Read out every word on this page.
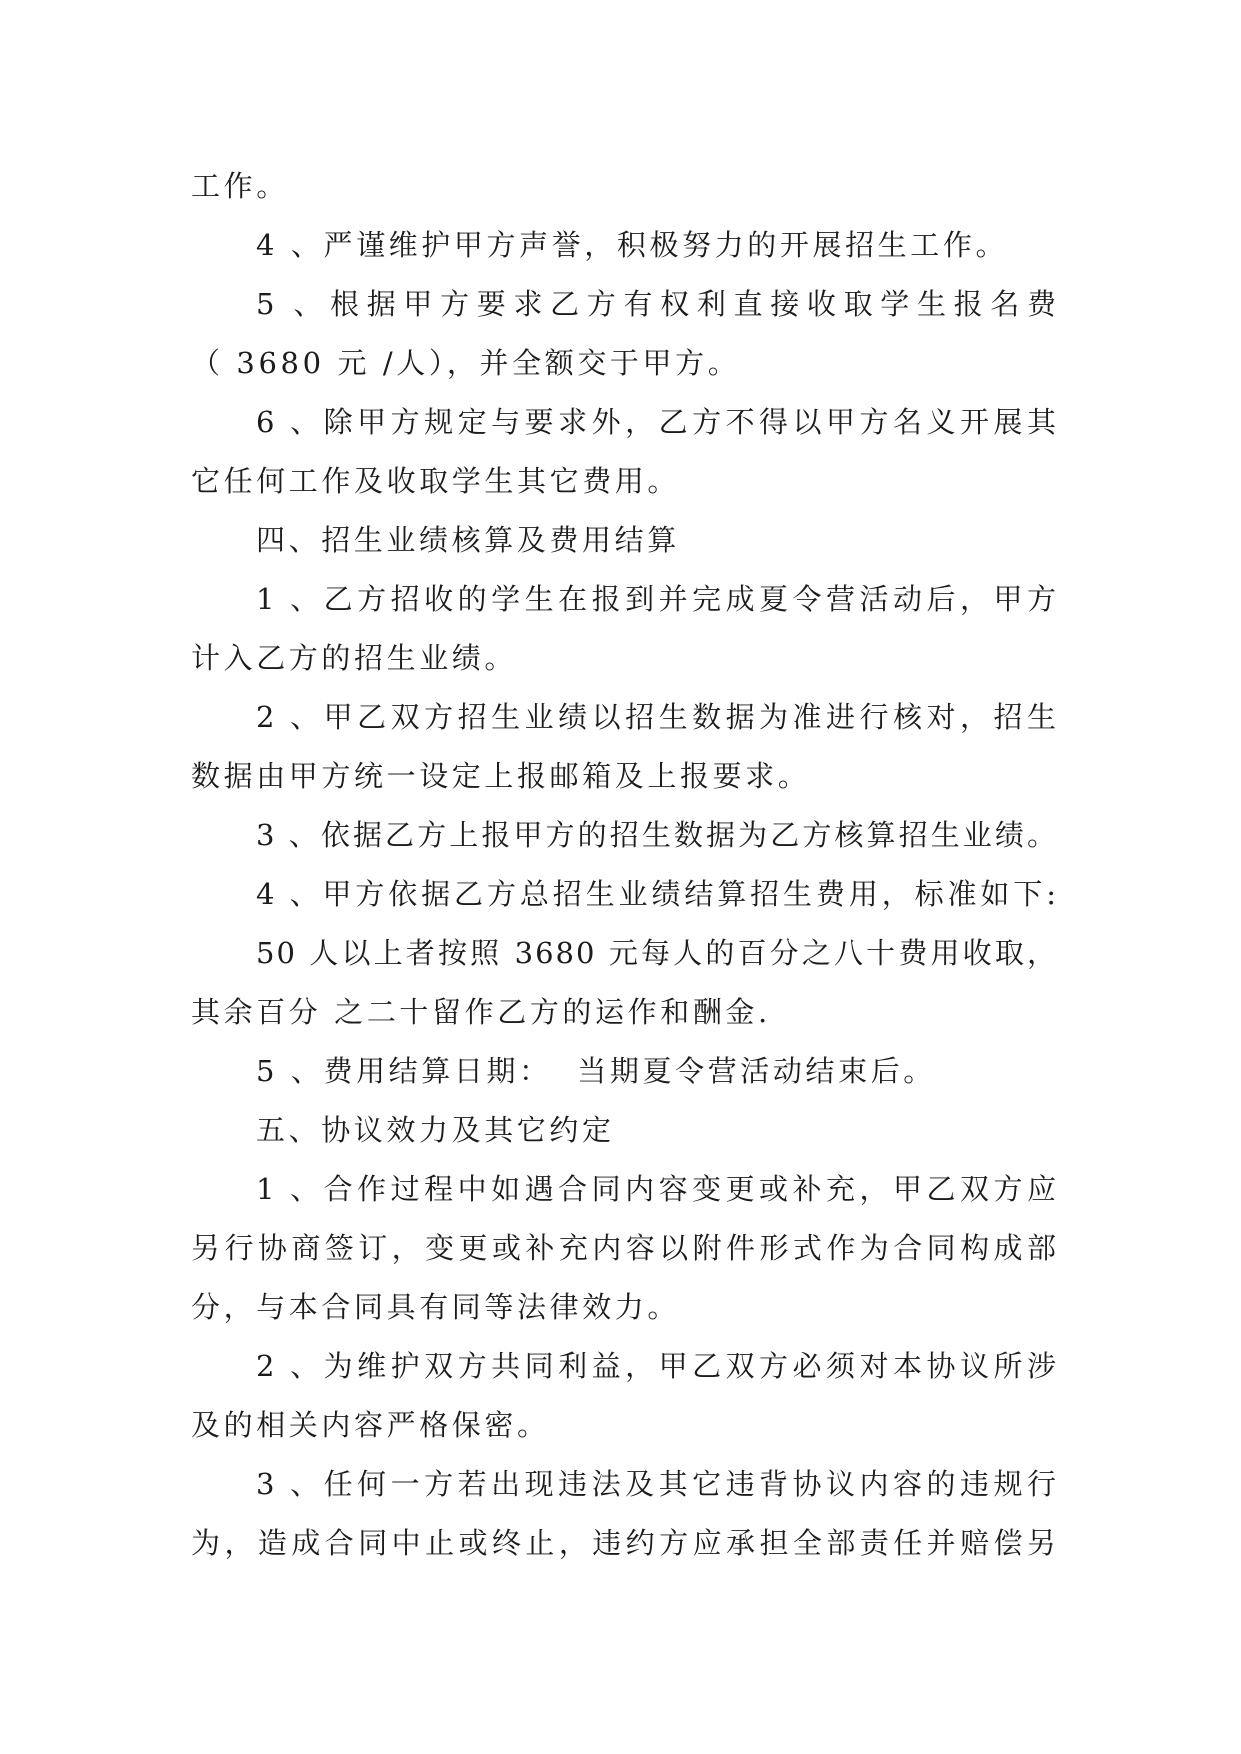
工作。
4 、严谨维护甲方声誉，积极努力的开展招生工作。
5 、根据甲方要求乙方有权利直接收取学生报名费
（ 3680 元 /人），并全额交于甲方。
6 、除甲方规定与要求外，乙方不得以甲方名义开展其
它任何工作及收取学生其它费用。
四、招生业绩核算及费用结算
1 、乙方招收的学生在报到并完成夏令营活动后，甲方
计入乙方的招生业绩。
2 、甲乙双方招生业绩以招生数据为准进行核对，招生
数据由甲方统一设定上报邮箱及上报要求。
3 、依据乙方上报甲方的招生数据为乙方核算招生业绩。
4 、甲方依据乙方总招生业绩结算招生费用，标准如下:
50 人以上者按照 3680 元每人的百分之八十费用收取，
其余百分 之二十留作乙方的运作和酬金.
5 、费用结算日期：  当期夏令营活动结束后。
五、协议效力及其它约定
1 、合作过程中如遇合同内容变更或补充，甲乙双方应
另行协商签订，变更或补充内容以附件形式作为合同构成部
分，与本合同具有同等法律效力。
2 、为维护双方共同利益，甲乙双方必须对本协议所涉
及的相关内容严格保密。
3 、任何一方若出现违法及其它违背协议内容的违规行
为，造成合同中止或终止，违约方应承担全部责任并赔偿另
